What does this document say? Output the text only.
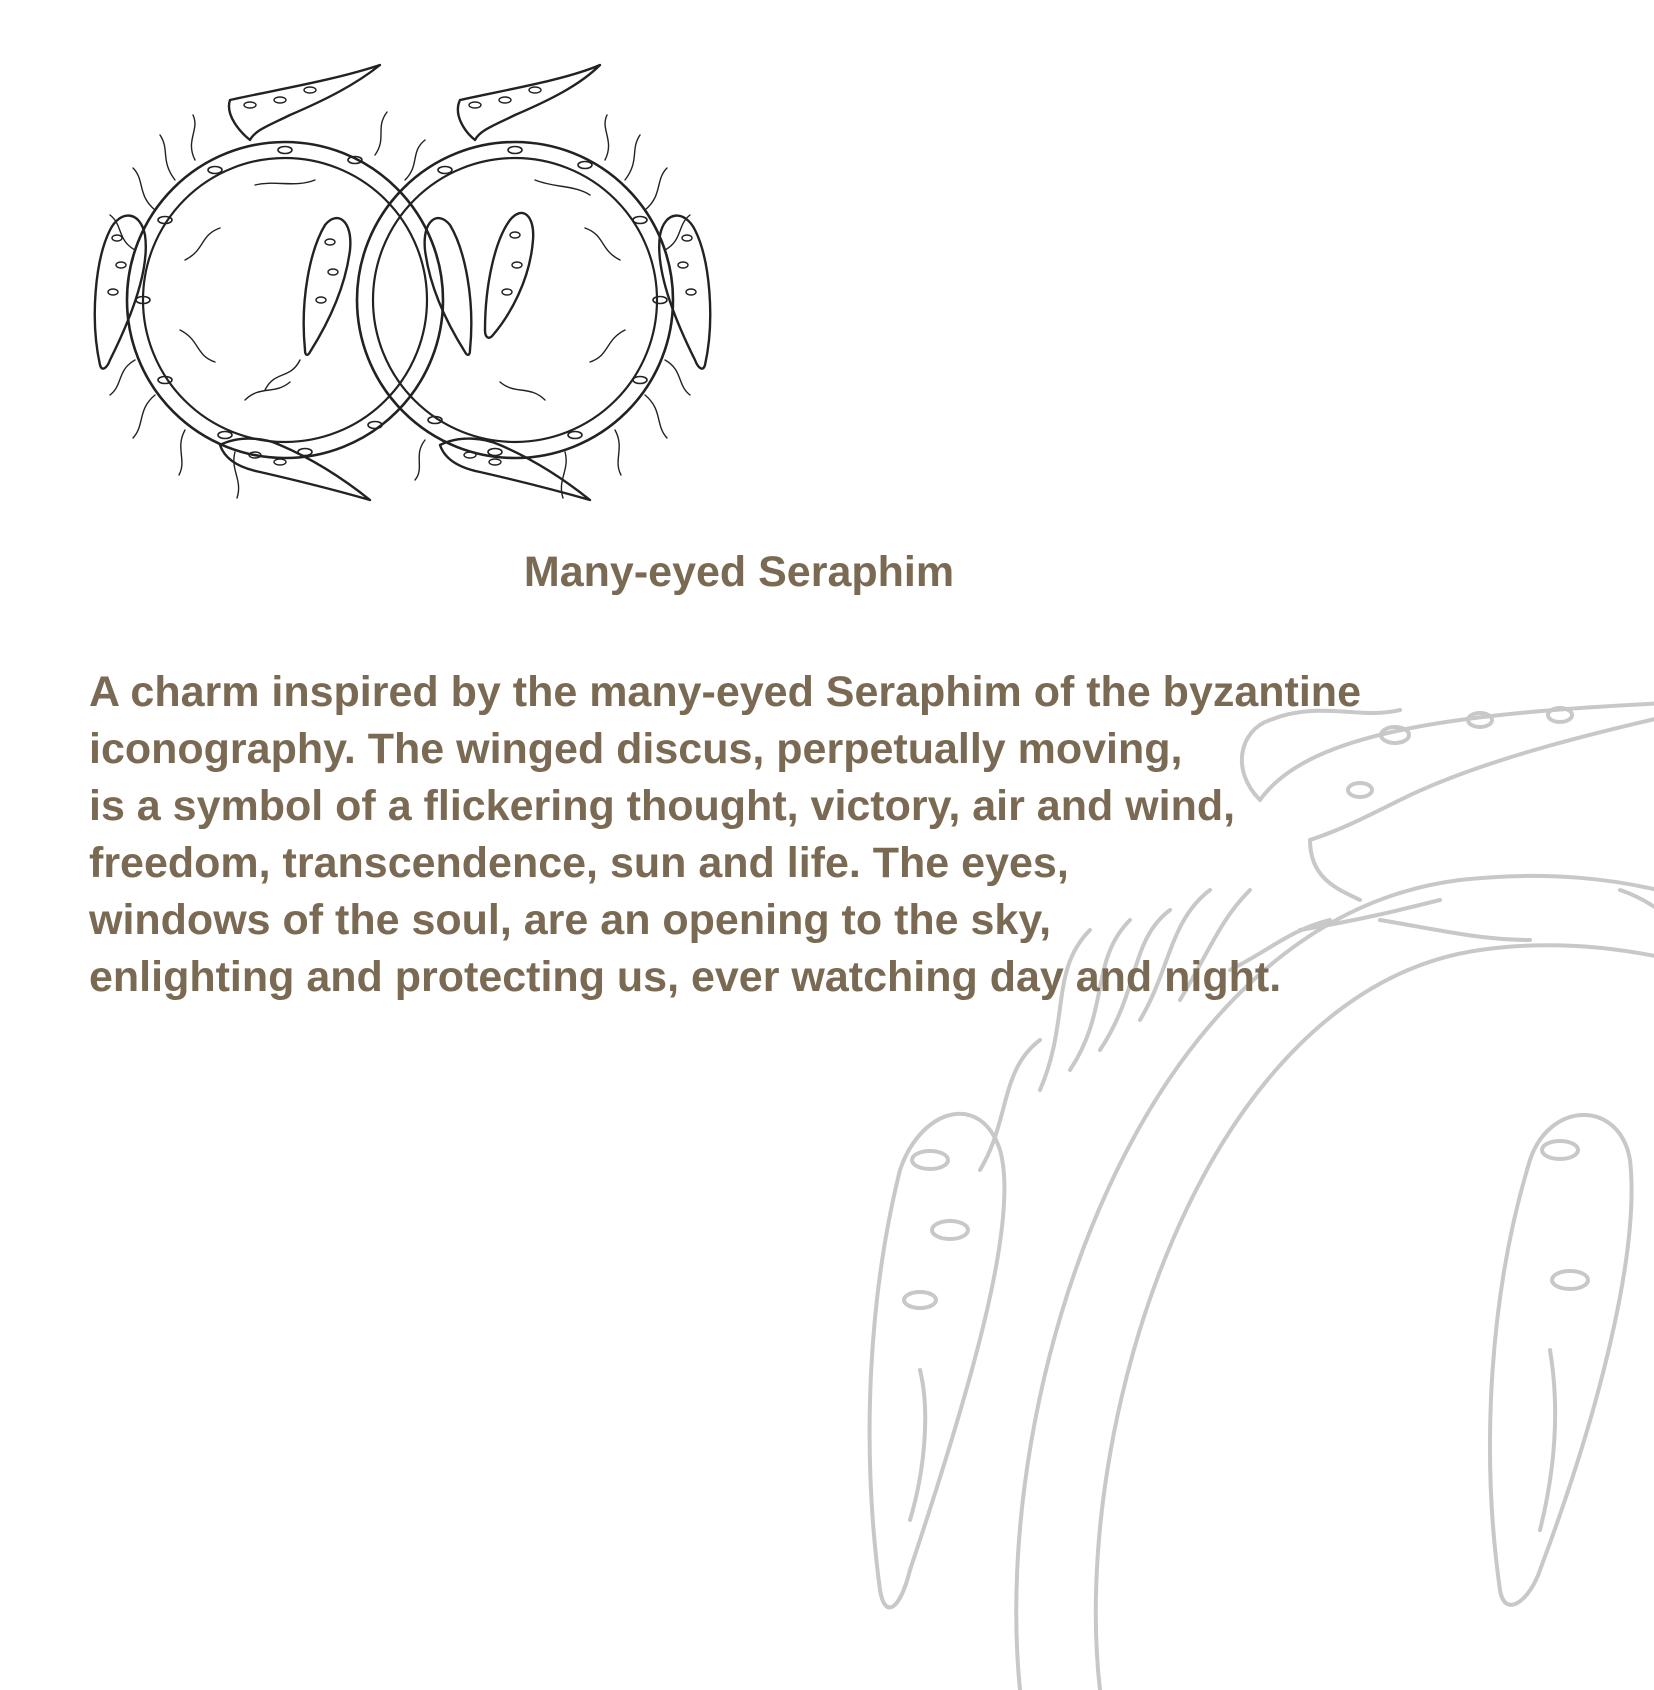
Many-eyed Seraphim

A charm inspired by the many-eyed Seraphim of the byzantine
iconography. The winged discus, perpetually moving,
is a symbol of a flickering thought, victory, air and wind,
freedom, transcendence, sun and life. The eyes,
windows of the soul, are an opening to the sky,
enlighting and protecting us, ever watching day and night.
